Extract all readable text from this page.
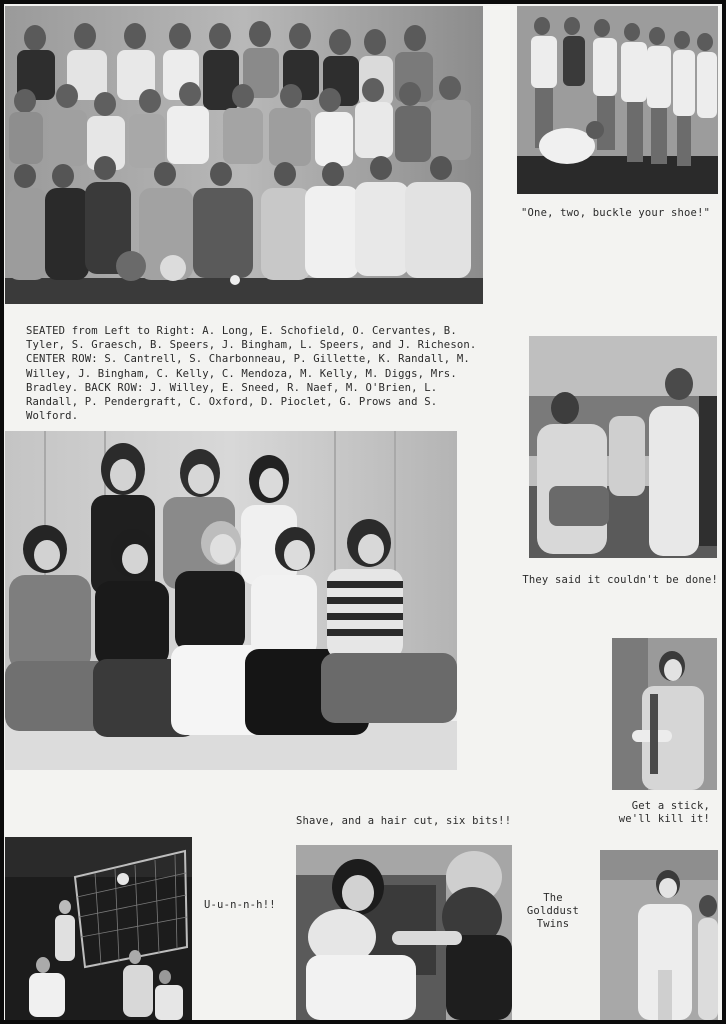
"One, two, buckle your shoe!"
SEATED from Left to Right: A. Long, E. Schofield, O. Cervantes, B. Tyler, S. Graesch, B. Speers, J. Bingham, L. Speers, and J. Richeson. CENTER ROW: S. Cantrell, S. Charbonneau, P. Gillette, K. Randall, M. Willey, J. Bingham, C. Kelly, C. Mendoza, M. Kelly, M. Diggs, Mrs. Bradley. BACK ROW: J. Willey, E. Sneed, R. Naef, M. O'Brien, L. Randall, P. Pendergraft, C. Oxford, D. Pioclet, G. Prows and S. Wolford.
They said it couldn't be done!
Get a stick,
we'll kill it!
Shave, and a hair cut, six bits!!
U-u-n-n-h!!
The
Golddust
Twins
